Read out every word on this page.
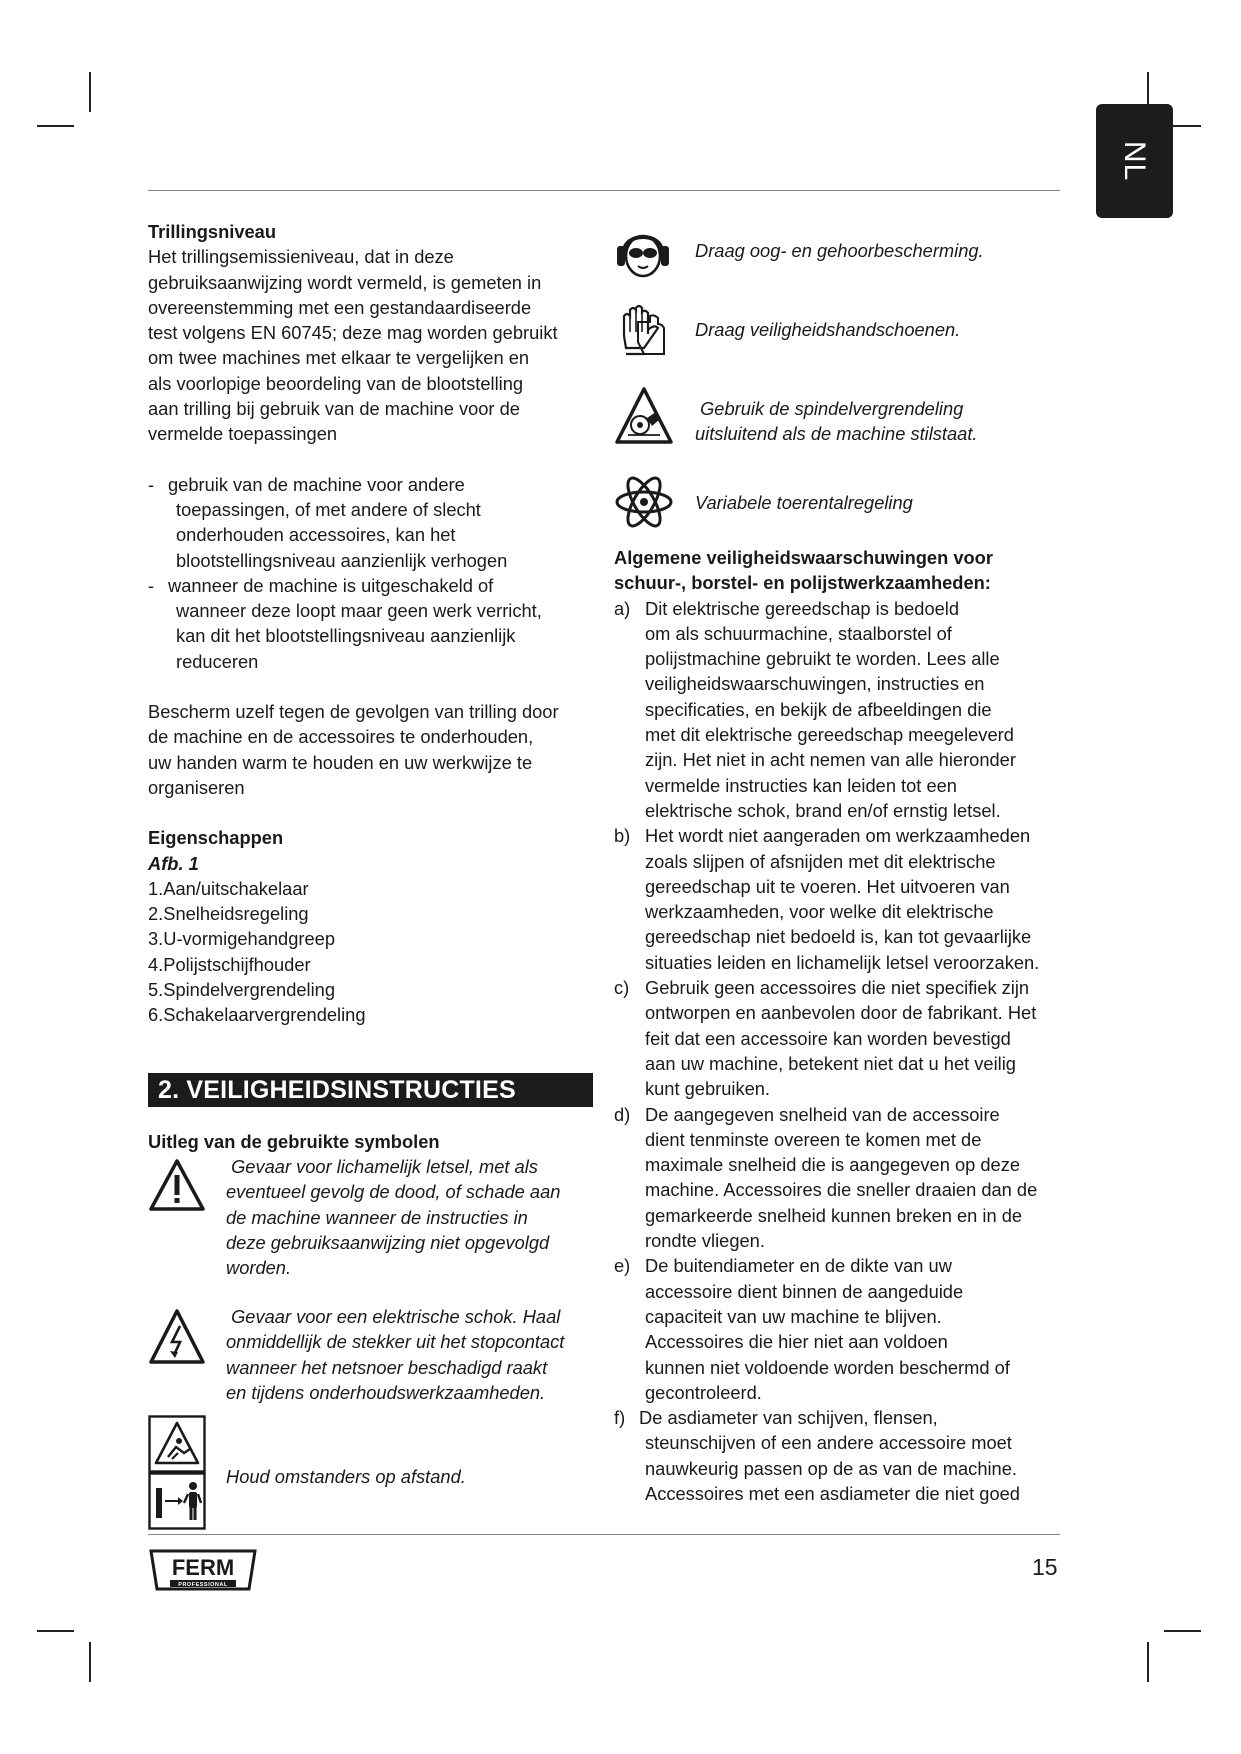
NL

Trillingsniveau

Het trillingsemissieniveau, dat in deze

gebruiksaanwijzing wordt vermeld, is gemeten in

overeenstemming met een gestandaardiseerde

test volgens EN 60745; deze mag worden gebruikt

om twee machines met elkaar te vergelijken en

als voorlopige beoordeling van de blootstelling

aan trilling bij gebruik van de machine voor de

vermelde toepassingen

- gebruik van de machine voor andere

toepassingen, of met andere of slecht

onderhouden accessoires, kan het

blootstellingsniveau aanzienlijk verhogen

- wanneer de machine is uitgeschakeld of

wanneer deze loopt maar geen werk verricht,

kan dit het blootstellingsniveau aanzienlijk

reduceren

Bescherm uzelf tegen de gevolgen van trilling door

de machine en de accessoires te onderhouden,

uw handen warm te houden en uw werkwijze te

organiseren

Eigenschappen

Afb. 1

1.Aan/uitschakelaar

2.Snelheidsregeling

3.U-vormigehandgreep

4.Polijstschijfhouder

5.Spindelvergrendeling

6.Schakelaarvergrendeling

2. VEILIGHEIDSINSTRUCTIES

Uitleg van de gebruikte symbolen

Gevaar voor lichamelijk letsel, met als

eventueel gevolg de dood, of schade aan

de machine wanneer de instructies in

deze gebruiksaanwijzing niet opgevolgd

worden.

Gevaar voor een elektrische schok. Haal

onmiddellijk de stekker uit het stopcontact

wanneer het netsnoer beschadigd raakt

en tijdens onderhoudswerkzaamheden.

Houd omstanders op afstand.

Draag oog- en gehoorbescherming.
Draag veiligheidshandschoenen.
Gebruik de spindelvergrendeling
uitsluitend als de machine stilstaat.
Variabele toerentalregeling

Algemene veiligheidswaarschuwingen voor

schuur-, borstel- en polijstwerkzaamheden:

a) Dit elektrische gereedschap is bedoeld

om als schuurmachine, staalborstel of

polijstmachine gebruikt te worden. Lees alle

veiligheidswaarschuwingen, instructies en

specificaties, en bekijk de afbeeldingen die

met dit elektrische gereedschap meegeleverd

zijn. Het niet in acht nemen van alle hieronder

vermelde instructies kan leiden tot een

elektrische schok, brand en/of ernstig letsel.

b) Het wordt niet aangeraden om werkzaamheden

zoals slijpen of afsnijden met dit elektrische

gereedschap uit te voeren. Het uitvoeren van

werkzaamheden, voor welke dit elektrische

gereedschap niet bedoeld is, kan tot gevaarlijke

situaties leiden en lichamelijk letsel veroorzaken.

c) Gebruik geen accessoires die niet specifiek zijn

ontworpen en aanbevolen door de fabrikant. Het

feit dat een accessoire kan worden bevestigd

aan uw machine, betekent niet dat u het veilig

kunt gebruiken.

d) De aangegeven snelheid van de accessoire

dient tenminste overeen te komen met de

maximale snelheid die is aangegeven op deze

machine. Accessoires die sneller draaien dan de

gemarkeerde snelheid kunnen breken en in de

rondte vliegen.

e) De buitendiameter en de dikte van uw

accessoire dient binnen de aangeduide

capaciteit van uw machine te blijven.

Accessoires die hier niet aan voldoen

kunnen niet voldoende worden beschermd of

gecontroleerd.

f) De asdiameter van schijven, flensen,

steunschijven of een andere accessoire moet

nauwkeurig passen op de as van de machine.

Accessoires met een asdiameter die niet goed

FERM
PROFESSIONAL
15
